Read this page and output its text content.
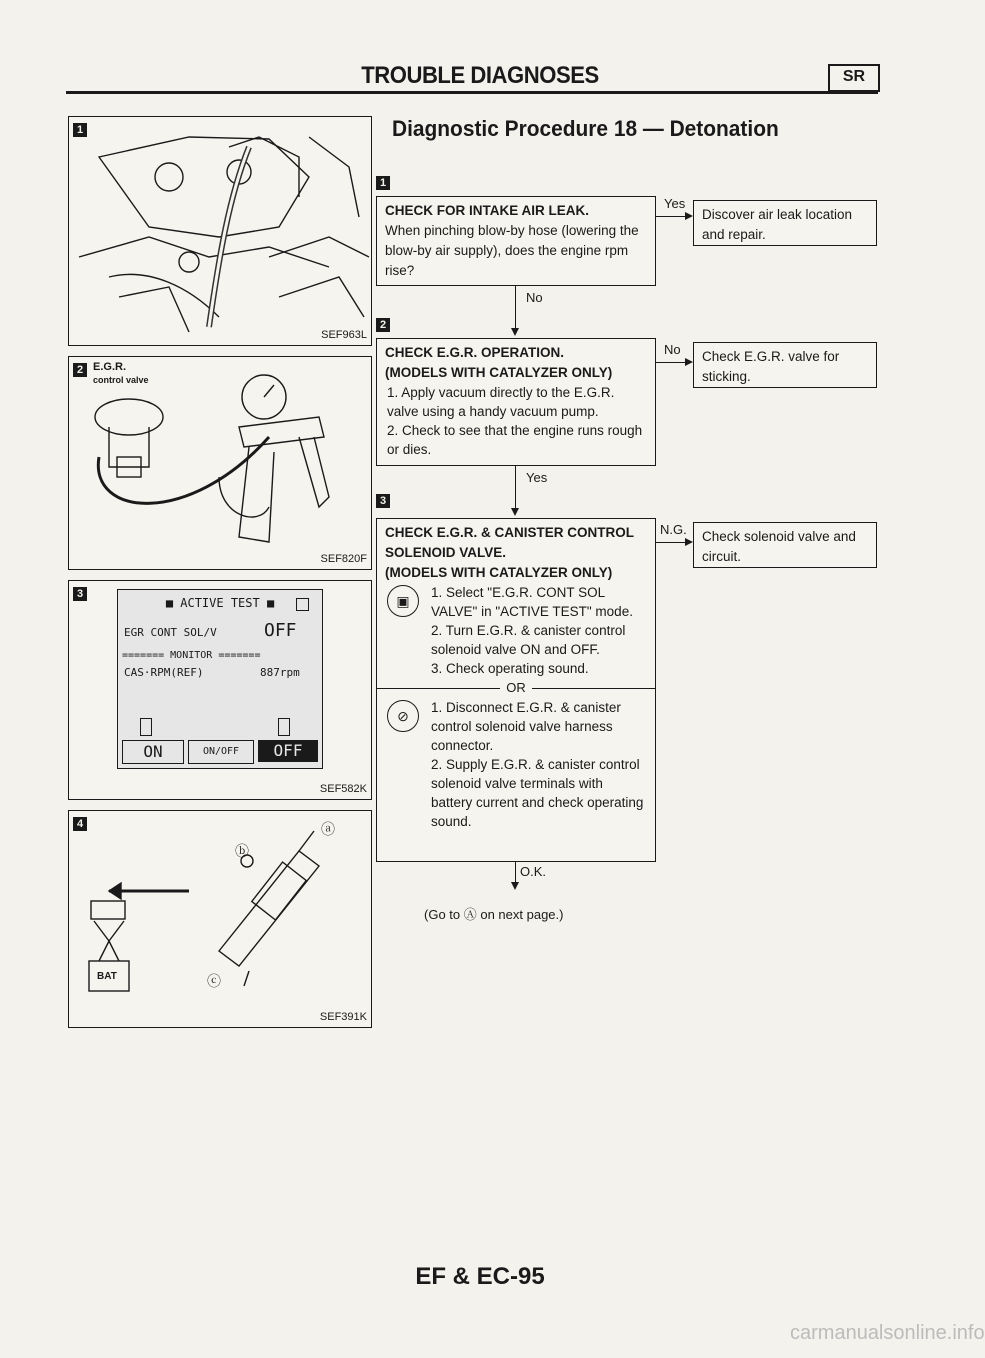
TROUBLE DIAGNOSES	SR
Diagnostic Procedure 18 — Detonation
1
SEF963L
2 E.G.R.
control valve
SEF820F
3
■ ACTIVE TEST ■
EGR CONT SOL/V	OFF
======= MONITOR =======
CAS·RPM(REF)	887rpm
ON	ON/OFF	OFF
SEF582K
4
ⓑ
ⓐ
ⓒ
BAT
SEF391K
1
CHECK FOR INTAKE AIR LEAK.
When pinching blow-by hose (lowering the blow-by air supply), does the engine rpm rise?
Yes
Discover air leak location and repair.
No
2
CHECK E.G.R. OPERATION.
(MODELS WITH CATALYZER ONLY)
1. Apply vacuum directly to the E.G.R. valve using a handy vacuum pump.
2. Check to see that the engine runs rough or dies.
No	Check E.G.R. valve for sticking.
Yes
3
CHECK E.G.R. & CANISTER CONTROL SOLENOID VALVE.
(MODELS WITH CATALYZER ONLY)
▣
1. Select "E.G.R. CONT SOL VALVE" in "ACTIVE TEST" mode.
2. Turn E.G.R. & canister control solenoid valve ON and OFF.
3. Check operating sound.
OR
⊘
1. Disconnect E.G.R. & canister control solenoid valve harness connector.
2. Supply E.G.R. & canister control solenoid valve terminals with battery current and check operating sound.
N.G.	Check solenoid valve and circuit.
O.K.
(Go to Ⓐ on next page.)
EF & EC-95
carmanualsonline.info
